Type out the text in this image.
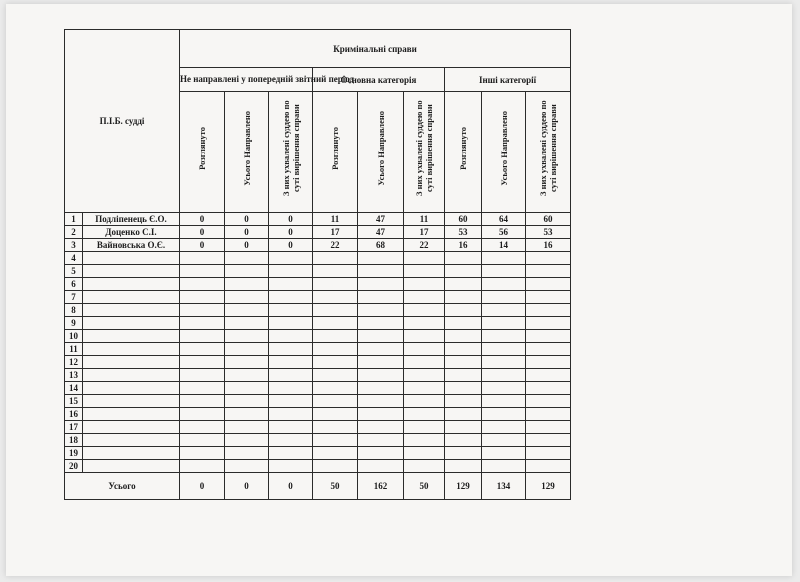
П.І.Б. судді		Кримінальні справи								
		Не направлені у попередній звітний період			Основна категорія			Інші категорії		
		Розглянуто	Усього Направлено	З них ухвалені суддею по суті вирішення справи	Розглянуто	Усього Направлено	З них ухвалені суддею по суті вирішення справи	Розглянуто	Усього Направлено	З них ухвалені суддею по суті вирішення справи
1	Подліпенець Є.О.	0	0	0	11	47	11	60	64	60
2	Доценко С.І.	0	0	0	17	47	17	53	56	53
3	Вайновська О.Є.	0	0	0	22	68	22	16	14	16
4										
5										
6										
7										
8										
9										
10										
11										
12										
13										
14										
15										
16										
17										
18										
19										
20										
Усього		0	0	0	50	162	50	129	134	129
